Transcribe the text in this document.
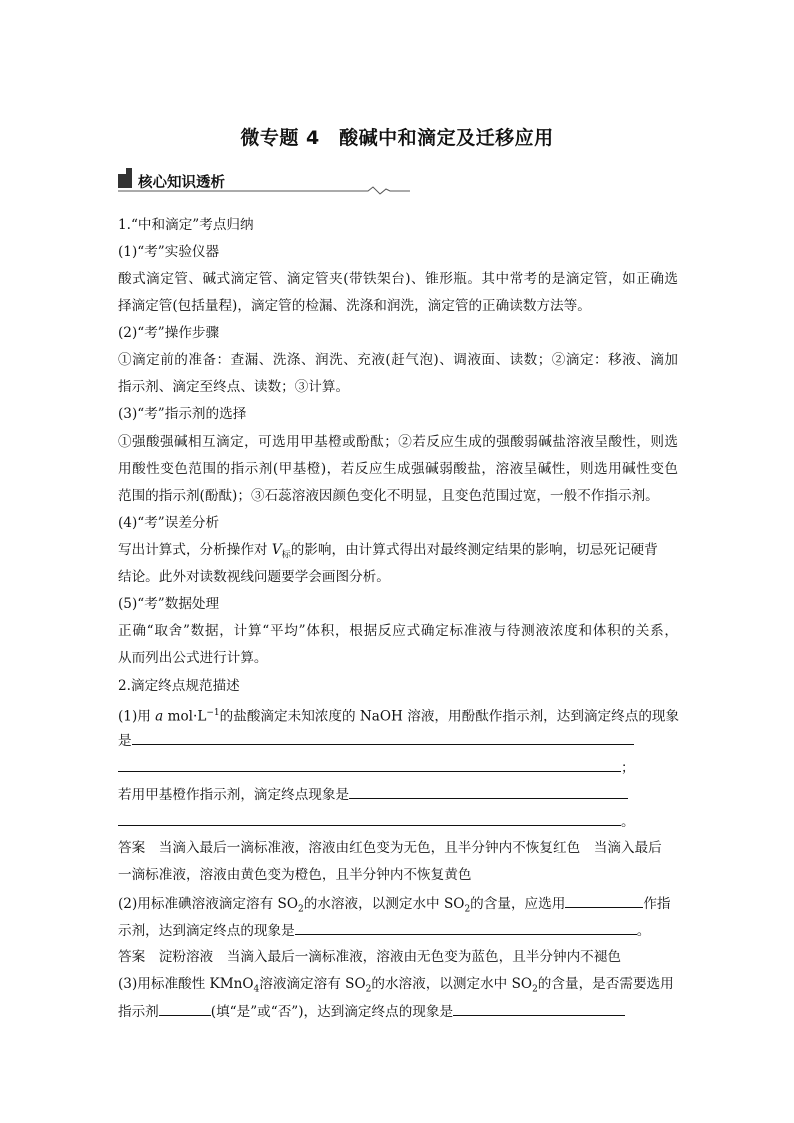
微专题 4　酸碱中和滴定及迁移应用
核心知识透析
1.“中和滴定”考点归纳
(1)“考”实验仪器
酸式滴定管、碱式滴定管、滴定管夹(带铁架台)、锥形瓶。其中常考的是滴定管，如正确选
择滴定管(包括量程)，滴定管的检漏、洗涤和润洗，滴定管的正确读数方法等。
(2)“考”操作步骤
①滴定前的准备：查漏、洗涤、润洗、充液(赶气泡)、调液面、读数；②滴定：移液、滴加
指示剂、滴定至终点、读数；③计算。
(3)“考”指示剂的选择
①强酸强碱相互滴定，可选用甲基橙或酚酞；②若反应生成的强酸弱碱盐溶液呈酸性，则选
用酸性变色范围的指示剂(甲基橙)，若反应生成强碱弱酸盐，溶液呈碱性，则选用碱性变色
范围的指示剂(酚酞)；③石蕊溶液因颜色变化不明显，且变色范围过宽，一般不作指示剂。
(4)“考”误差分析
写出计算式，分析操作对 $V_标$的影响，由计算式得出对最终测定结果的影响，切忌死记硬背
结论。此外对读数视线问题要学会画图分析。
(5)“考”数据处理
正确“取舍”数据，计算“平均”体积，根据反应式确定标准液与待测液浓度和体积的关系，
从而列出公式进行计算。
2.滴定终点规范描述
(1)用 a $mol\cdot L^{-1}$的盐酸滴定未知浓度的 NaOH 溶液，用酚酞作指示剂，达到滴定终点的现象
是
；
若用甲基橙作指示剂，滴定终点现象是
。
答案　 当滴入最后一滴标准液，溶液由红色变为无色，且半分钟内不恢复红色　当滴入最后
一滴标准液，溶液由黄色变为橙色，且半分钟内不恢复黄色
(2)用标准碘溶液滴定溶有 $SO_2$的水溶液，以测定水中 $SO_2$的含量，应选用	作指
示剂，达到滴定终点的现象是	。
答案　 淀粉溶液　当滴入最后一滴标准液，溶液由无色变为蓝色，且半分钟内不褪色
(3)用标准酸性 KMnO$_4$溶液滴定溶有 $SO_2$的水溶液，以测定水中 $SO_2$的含量，是否需要选用
指示剂	(填“是”或“否”)，达到滴定终点的现象是
